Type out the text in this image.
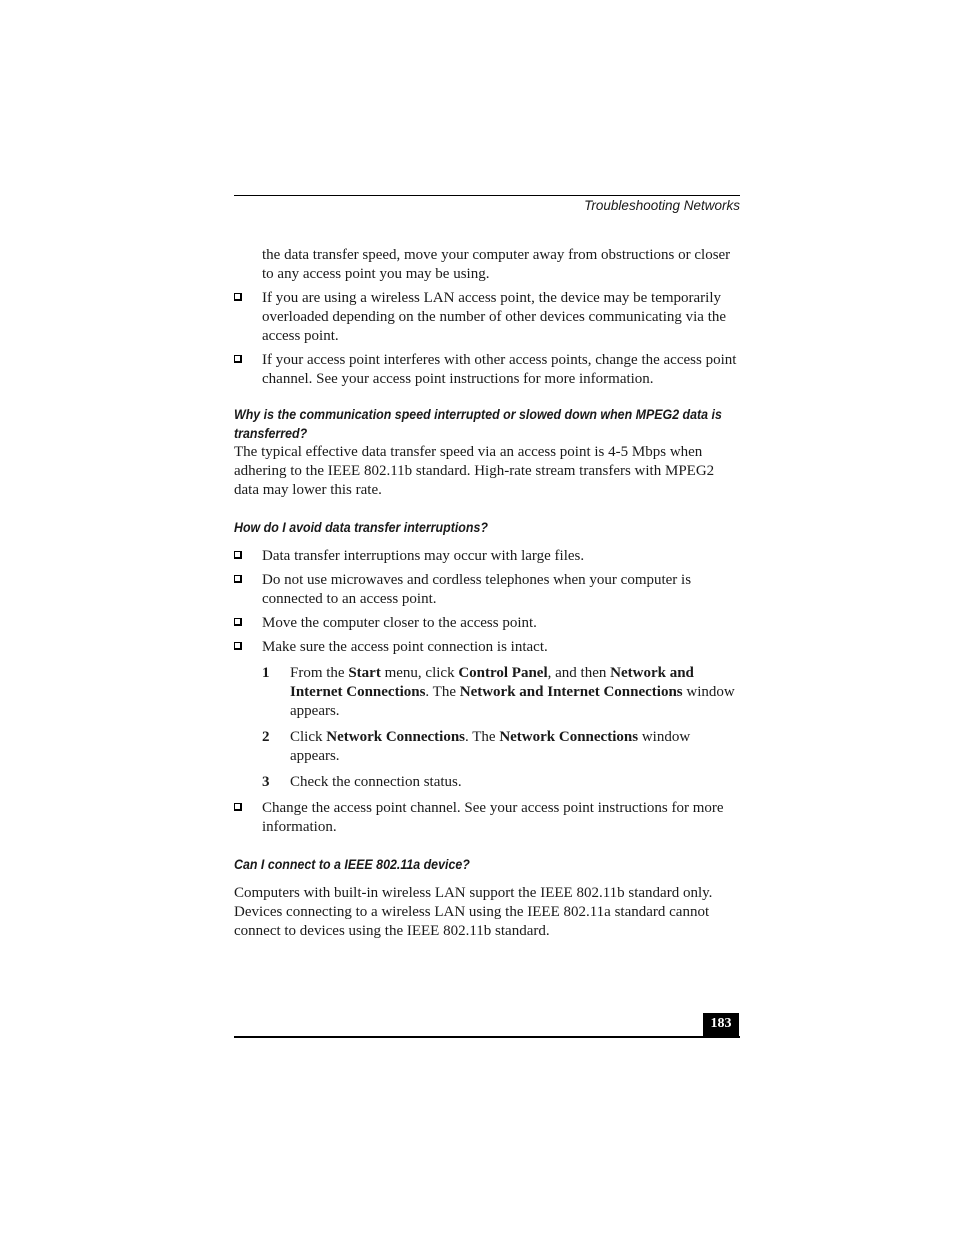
Troubleshooting Networks

the data transfer speed, move your computer away from obstructions or closer to any access point you may be using.

If you are using a wireless LAN access point, the device may be temporarily overloaded depending on the number of other devices communicating via the access point.
If your access point interferes with other access points, change the access point channel. See your access point instructions for more information.
Why is the communication speed interrupted or slowed down when MPEG2 data is transferred?

The typical effective data transfer speed via an access point is 4-5 Mbps when adhering to the IEEE 802.11b standard. High-rate stream transfers with MPEG2 data may lower this rate.

How do I avoid data transfer interruptions?
Data transfer interruptions may occur with large files.
Do not use microwaves and cordless telephones when your computer is connected to an access point.
Move the computer closer to the access point.
Make sure the access point connection is intact.
1 From the Start menu, click Control Panel, and then Network and Internet Connections. The Network and Internet Connections window appears.
2 Click Network Connections. The Network Connections window appears.
3 Check the connection status.
Change the access point channel. See your access point instructions for more information.
Can I connect to a IEEE 802.11a device?

Computers with built-in wireless LAN support the IEEE 802.11b standard only. Devices connecting to a wireless LAN using the IEEE 802.11a standard cannot connect to devices using the IEEE 802.11b standard.

183
